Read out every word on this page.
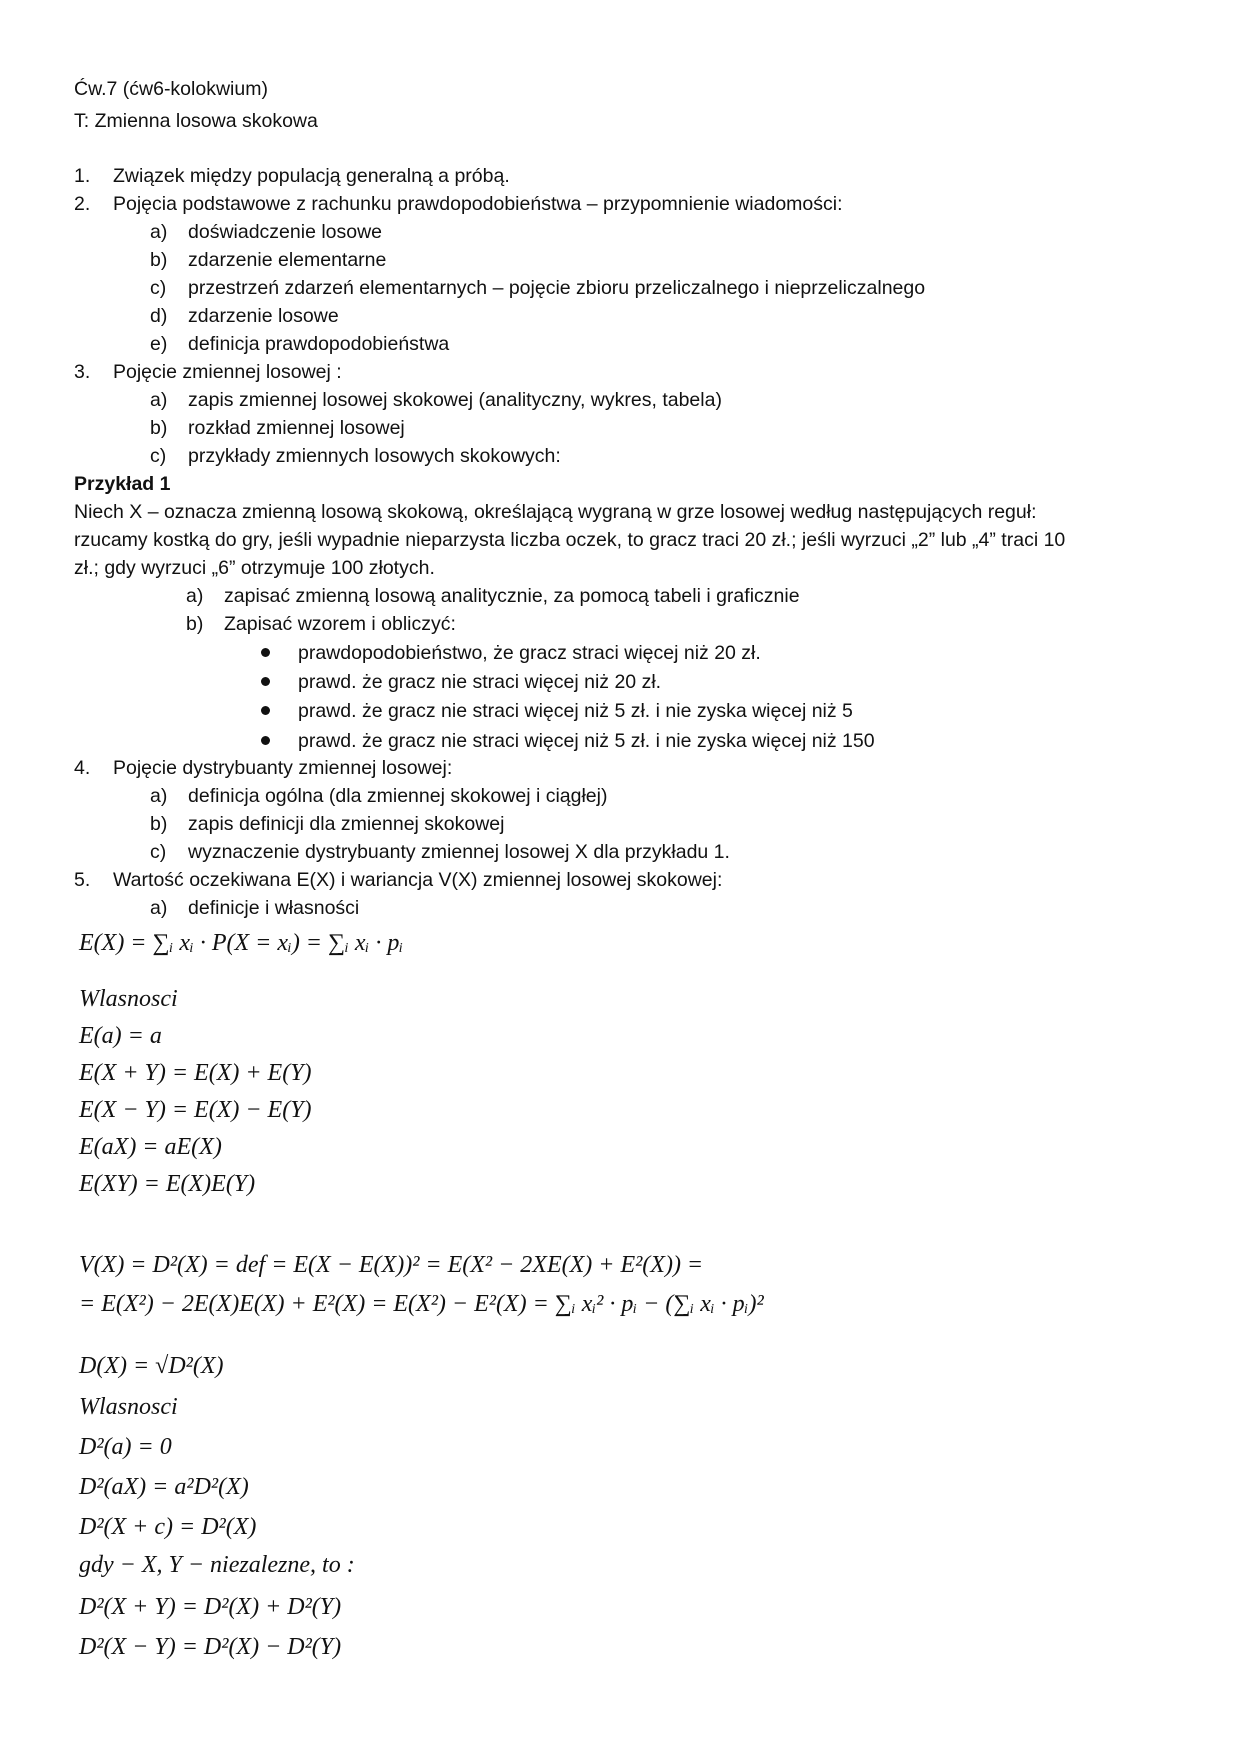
Ćw.7 (ćw6-kolokwium)
T: Zmienna losowa skokowa
1. Związek między populacją generalną a próbą.
2. Pojęcia podstawowe z rachunku prawdopodobieństwa – przypomnienie wiadomości:
a) doświadczenie losowe
b) zdarzenie elementarne
c) przestrzeń zdarzeń elementarnych – pojęcie zbioru przeliczalnego i nieprzeliczalnego
d) zdarzenie losowe
e) definicja prawdopodobieństwa
3. Pojęcie zmiennej losowej :
a) zapis zmiennej losowej skokowej (analityczny, wykres, tabela)
b) rozkład zmiennej losowej
c) przykłady zmiennych losowych skokowych:
Przykład 1
Niech X – oznacza zmienną losową skokową, określającą wygraną w grze losowej według następujących reguł:
rzucamy kostką do gry, jeśli wypadnie nieparzysta liczba oczek, to gracz traci 20 zł.; jeśli wyrzuci „2” lub „4” traci 10
zł.; gdy wyrzuci „6” otrzymuje 100 złotych.
a) zapisać zmienną losową analitycznie, za pomocą tabeli i graficznie
b) Zapisać wzorem i obliczyć:
prawdopodobieństwo, że gracz straci więcej niż 20 zł.
prawd. że gracz nie straci więcej niż 20 zł.
prawd. że gracz nie straci więcej niż 5 zł. i nie zyska więcej niż 5
prawd. że gracz nie straci więcej niż 5 zł. i nie zyska więcej niż 150
4. Pojęcie dystrybuanty zmiennej losowej:
a) definicja ogólna (dla zmiennej skokowej i ciągłej)
b) zapis definicji dla zmiennej skokowej
c) wyznaczenie dystrybuanty zmiennej losowej X dla przykładu 1.
5. Wartość oczekiwana E(X) i wariancja V(X) zmiennej losowej skokowej:
a) definicje i własności
E(X) = ∑ᵢ xᵢ · P(X = xᵢ) = ∑ᵢ xᵢ · pᵢ
Wlasnosci
E(a) = a
E(X + Y) = E(X) + E(Y)
E(X − Y) = E(X) − E(Y)
E(aX) = aE(X)
E(XY) = E(X)E(Y)
V(X) = D²(X) = def = E(X − E(X))² = E(X² − 2XE(X) + E²(X)) =
= E(X²) − 2E(X)E(X) + E²(X) = E(X²) − E²(X) = ∑ᵢ xᵢ² · pᵢ − (∑ᵢ xᵢ · pᵢ)²
D(X) = √D²(X)
Wlasnosci
D²(a) = 0
D²(aX) = a²D²(X)
D²(X + c) = D²(X)
gdy − X, Y − niezalezne, to :
D²(X + Y) = D²(X) + D²(Y)
D²(X − Y) = D²(X) − D²(Y)
